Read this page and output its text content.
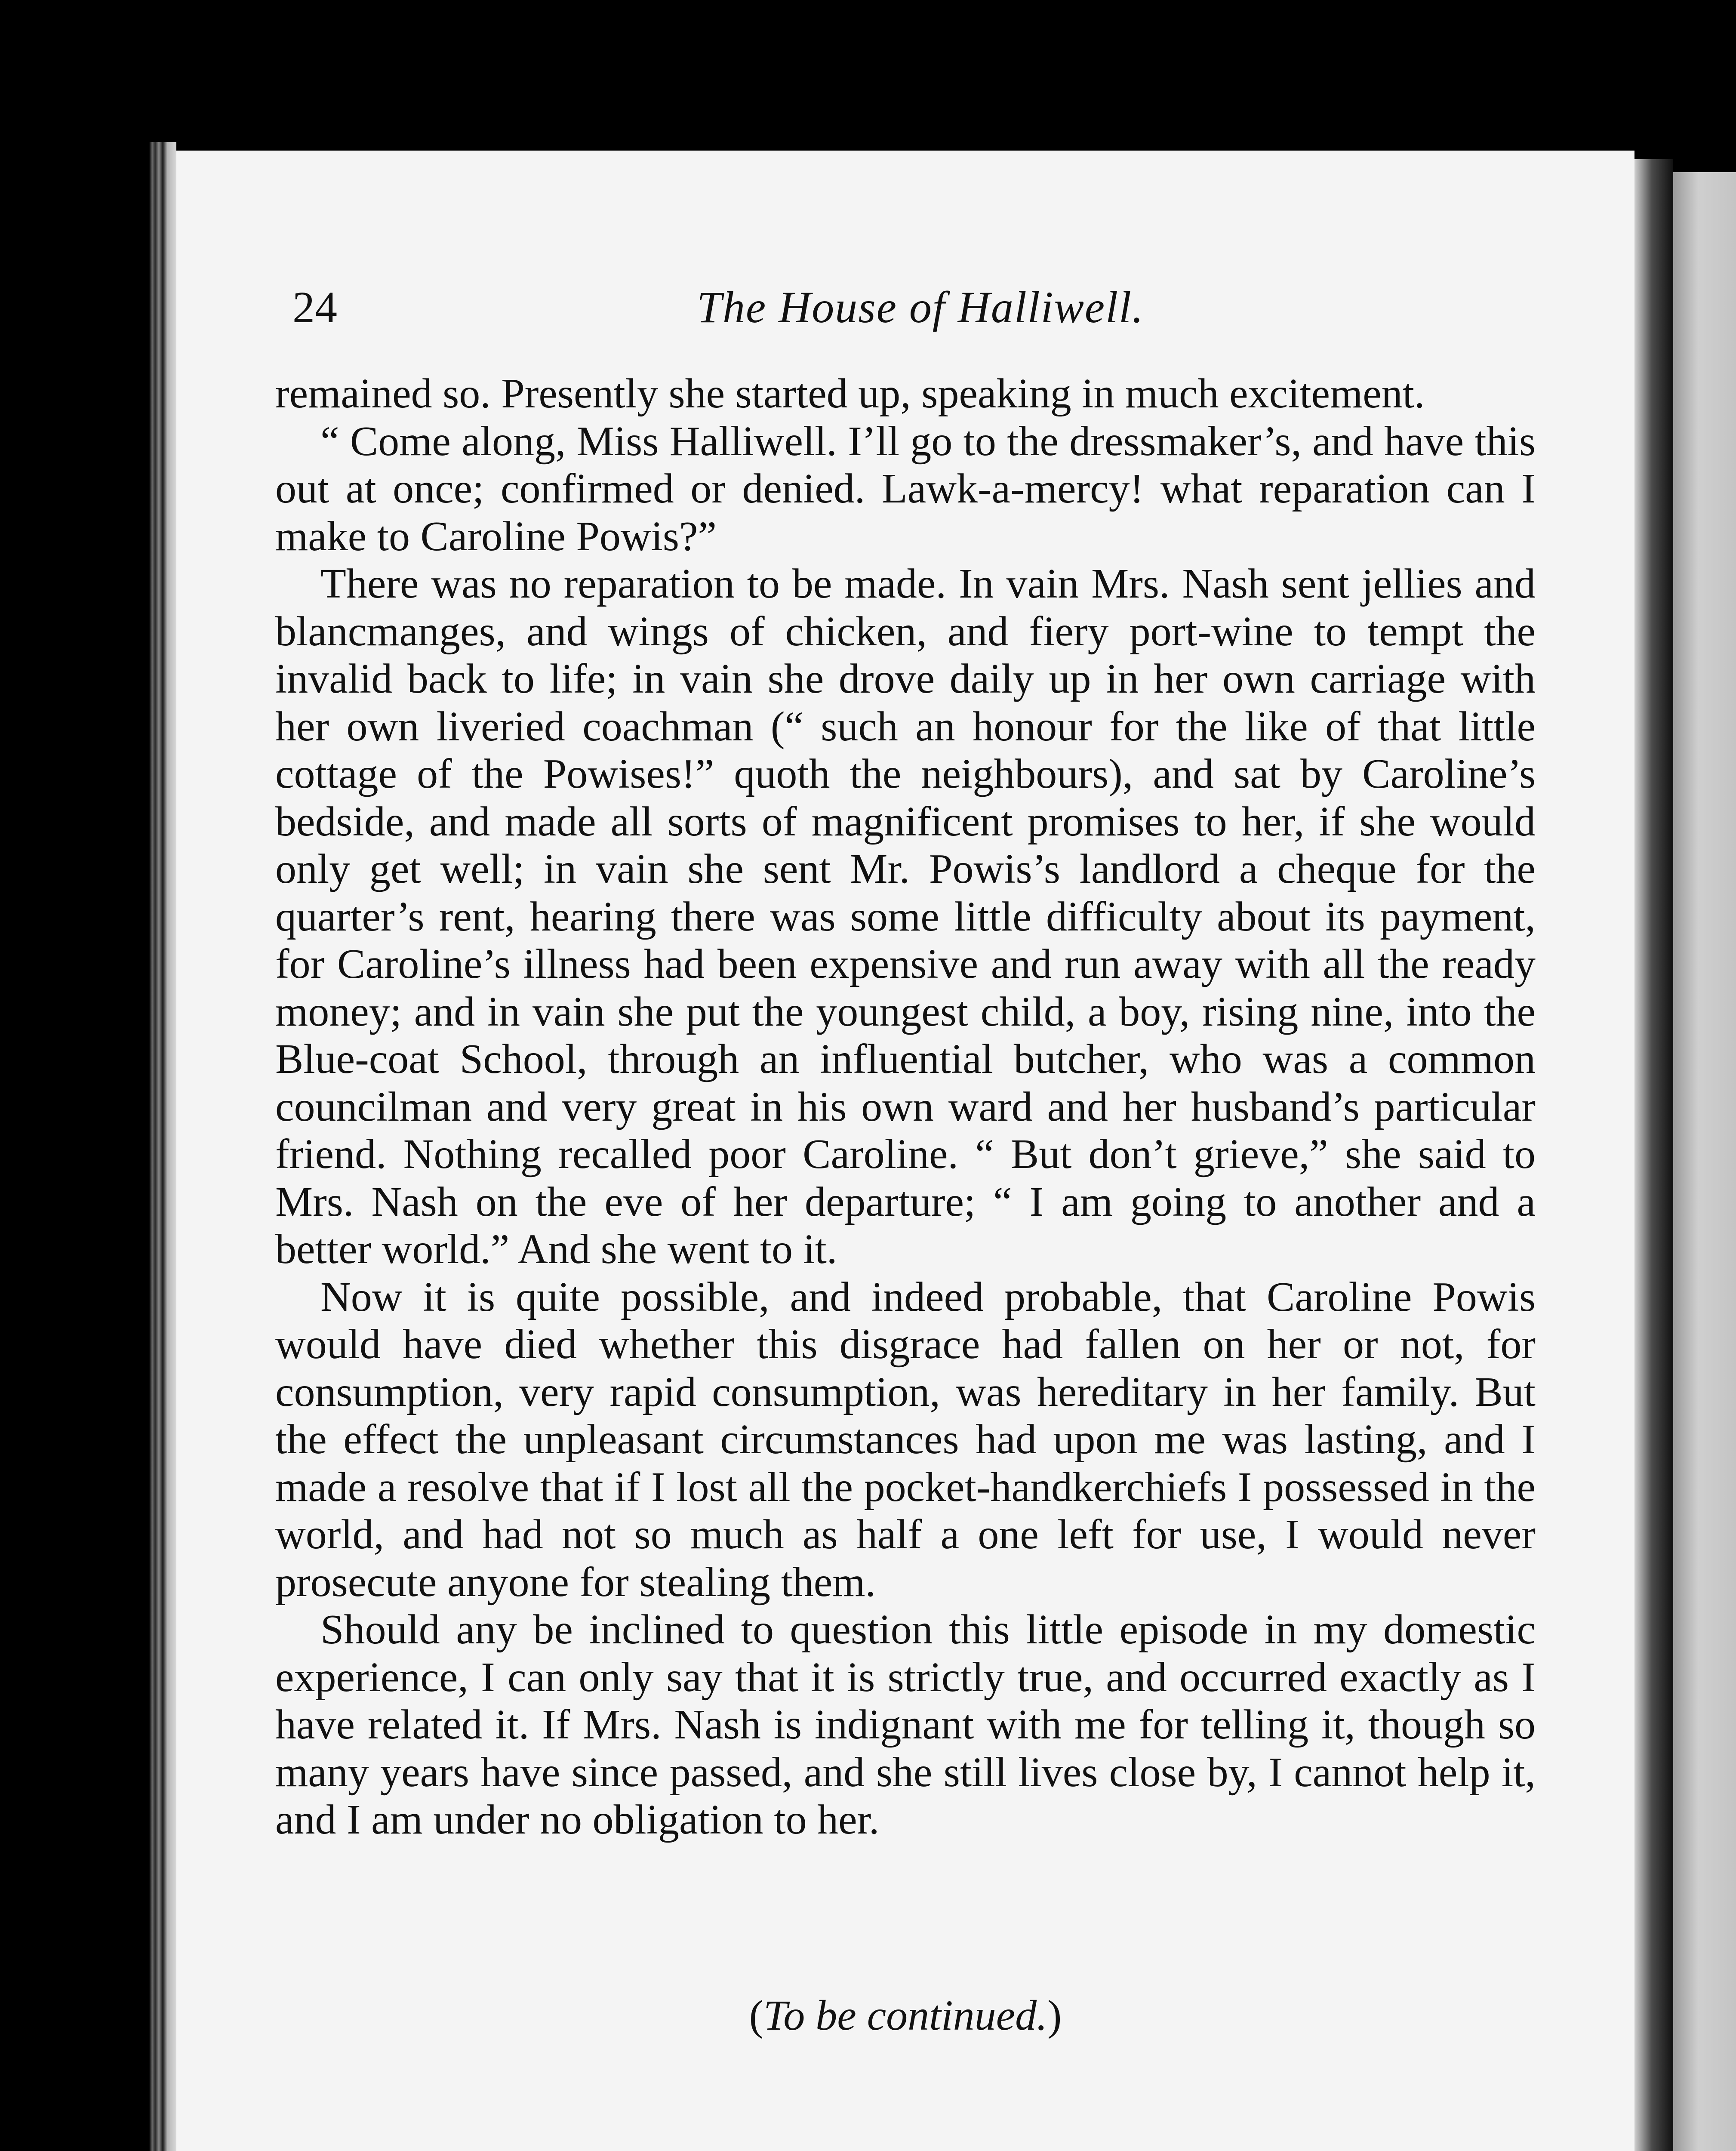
24	The House of Halliwell.

remained so. Presently she started up, speaking in much excitement.

“ Come along, Miss Halliwell. I’ll go to the dressmaker’s, and have this out at once; confirmed or denied. Lawk-a-mercy! what reparation can I make to Caroline Powis?”

There was no reparation to be made. In vain Mrs. Nash sent jellies and blancmanges, and wings of chicken, and fiery port-wine to tempt the invalid back to life; in vain she drove daily up in her own carriage with her own liveried coachman (“ such an honour for the like of that little cottage of the Powises!” quoth the neighbours), and sat by Caroline’s bedside, and made all sorts of magnificent promises to her, if she would only get well; in vain she sent Mr. Powis’s landlord a cheque for the quarter’s rent, hearing there was some little difficulty about its payment, for Caroline’s illness had been expensive and run away with all the ready money; and in vain she put the youngest child, a boy, rising nine, into the Blue-coat School, through an influential butcher, who was a common councilman and very great in his own ward and her husband’s particular friend. Nothing recalled poor Caroline. “ But don’t grieve,” she said to Mrs. Nash on the eve of her departure; “ I am going to another and a better world.” And she went to it.

Now it is quite possible, and indeed probable, that Caroline Powis would have died whether this disgrace had fallen on her or not, for consumption, very rapid consumption, was hereditary in her family. But the effect the unpleasant circumstances had upon me was lasting, and I made a resolve that if I lost all the pocket-handkerchiefs I possessed in the world, and had not so much as half a one left for use, I would never prosecute anyone for stealing them.

Should any be inclined to question this little episode in my domestic experience, I can only say that it is strictly true, and occurred exactly as I have related it. If Mrs. Nash is indignant with me for telling it, though so many years have since passed, and she still lives close by, I cannot help it, and I am under no obligation to her.

(To be continued.)
